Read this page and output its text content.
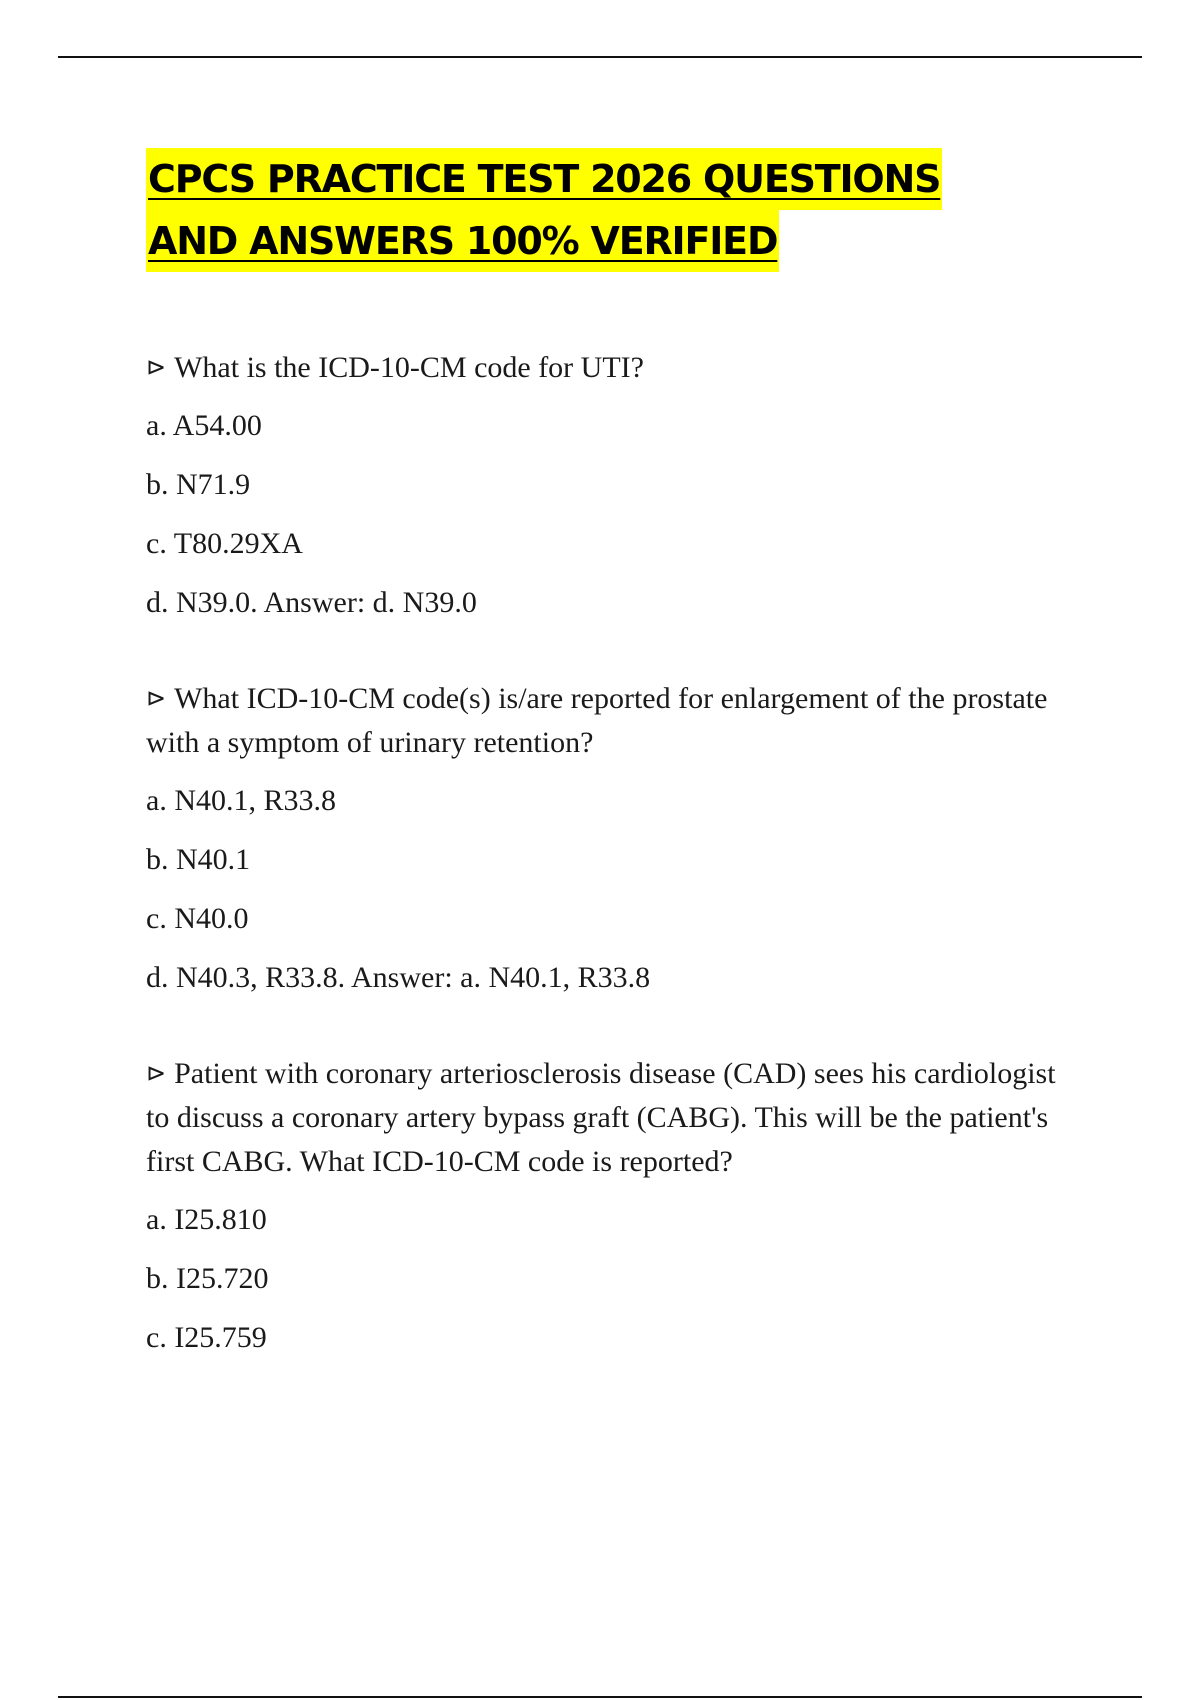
CPCS PRACTICE TEST 2026 QUESTIONS
AND ANSWERS 100% VERIFIED

⊳ What is the ICD-10-CM code for UTI?

a. A54.00

b. N71.9

c. T80.29XA

d. N39.0. Answer: d. N39.0

⊳ What ICD-10-CM code(s) is/are reported for enlargement of the prostate with a symptom of urinary retention?

a. N40.1, R33.8

b. N40.1

c. N40.0

d. N40.3, R33.8. Answer: a. N40.1, R33.8

⊳ Patient with coronary arteriosclerosis disease (CAD) sees his cardiologist to discuss a coronary artery bypass graft (CABG). This will be the patient's first CABG. What ICD-10-CM code is reported?

a. I25.810

b. I25.720

c. I25.759
